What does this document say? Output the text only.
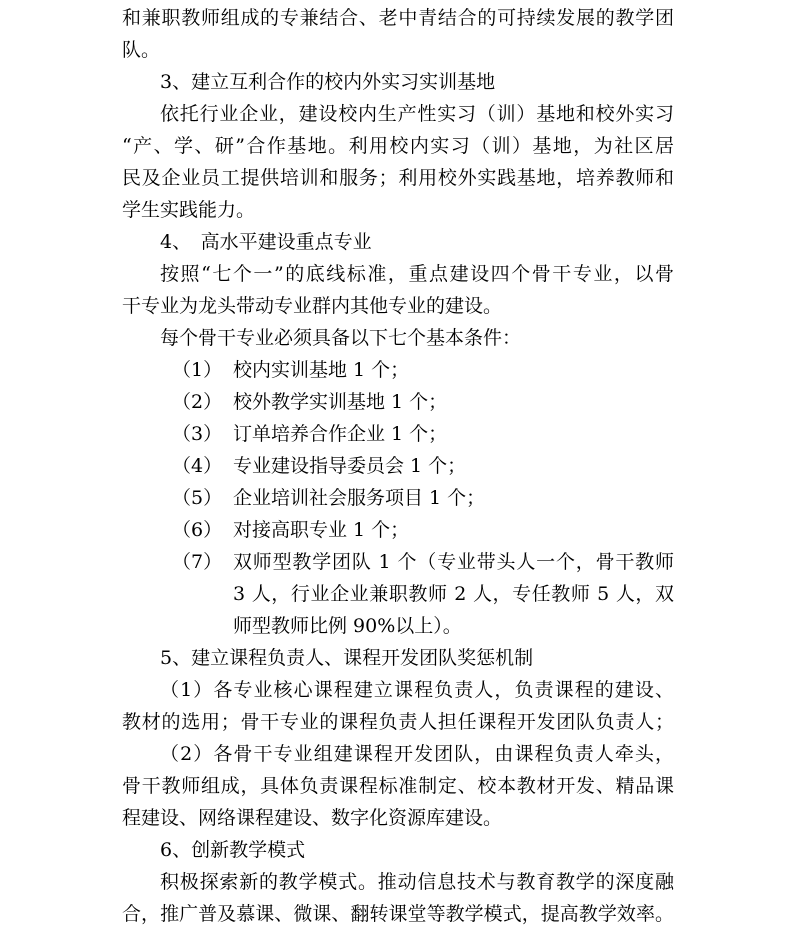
和兼职教师组成的专兼结合、老中青结合的可持续发展的教学团
队。
3、建立互利合作的校内外实习实训基地
依托行业企业，建设校内生产性实习（训）基地和校外实习
“产、学、研”合作基地。利用校内实习（训）基地，为社区居
民及企业员工提供培训和服务；利用校外实践基地，培养教师和
学生实践能力。
4、　高水平建设重点专业
按照“七个一”的底线标准，重点建设四个骨干专业，以骨
干专业为龙头带动专业群内其他专业的建设。
每个骨干专业必须具备以下七个基本条件：
（1） 校内实训基地 1 个；
（2） 校外教学实训基地 1 个；
（3） 订单培养合作企业 1 个；
（4） 专业建设指导委员会 1 个；
（5） 企业培训社会服务项目 1 个；
（6） 对接高职专业 1 个；
（7） 双师型教学团队 1 个（专业带头人一个，骨干教师
3 人，行业企业兼职教师 2 人，专任教师 5 人，双
师型教师比例 90%以上）。
5、建立课程负责人、课程开发团队奖惩机制
（1）各专业核心课程建立课程负责人，负责课程的建设、
教材的选用；骨干专业的课程负责人担任课程开发团队负责人；
（2）各骨干专业组建课程开发团队，由课程负责人牵头，
骨干教师组成，具体负责课程标准制定、校本教材开发、精品课
程建设、网络课程建设、数字化资源库建设。
6、创新教学模式
积极探索新的教学模式。推动信息技术与教育教学的深度融
合，推广普及慕课、微课、翻转课堂等教学模式，提高教学效率。
